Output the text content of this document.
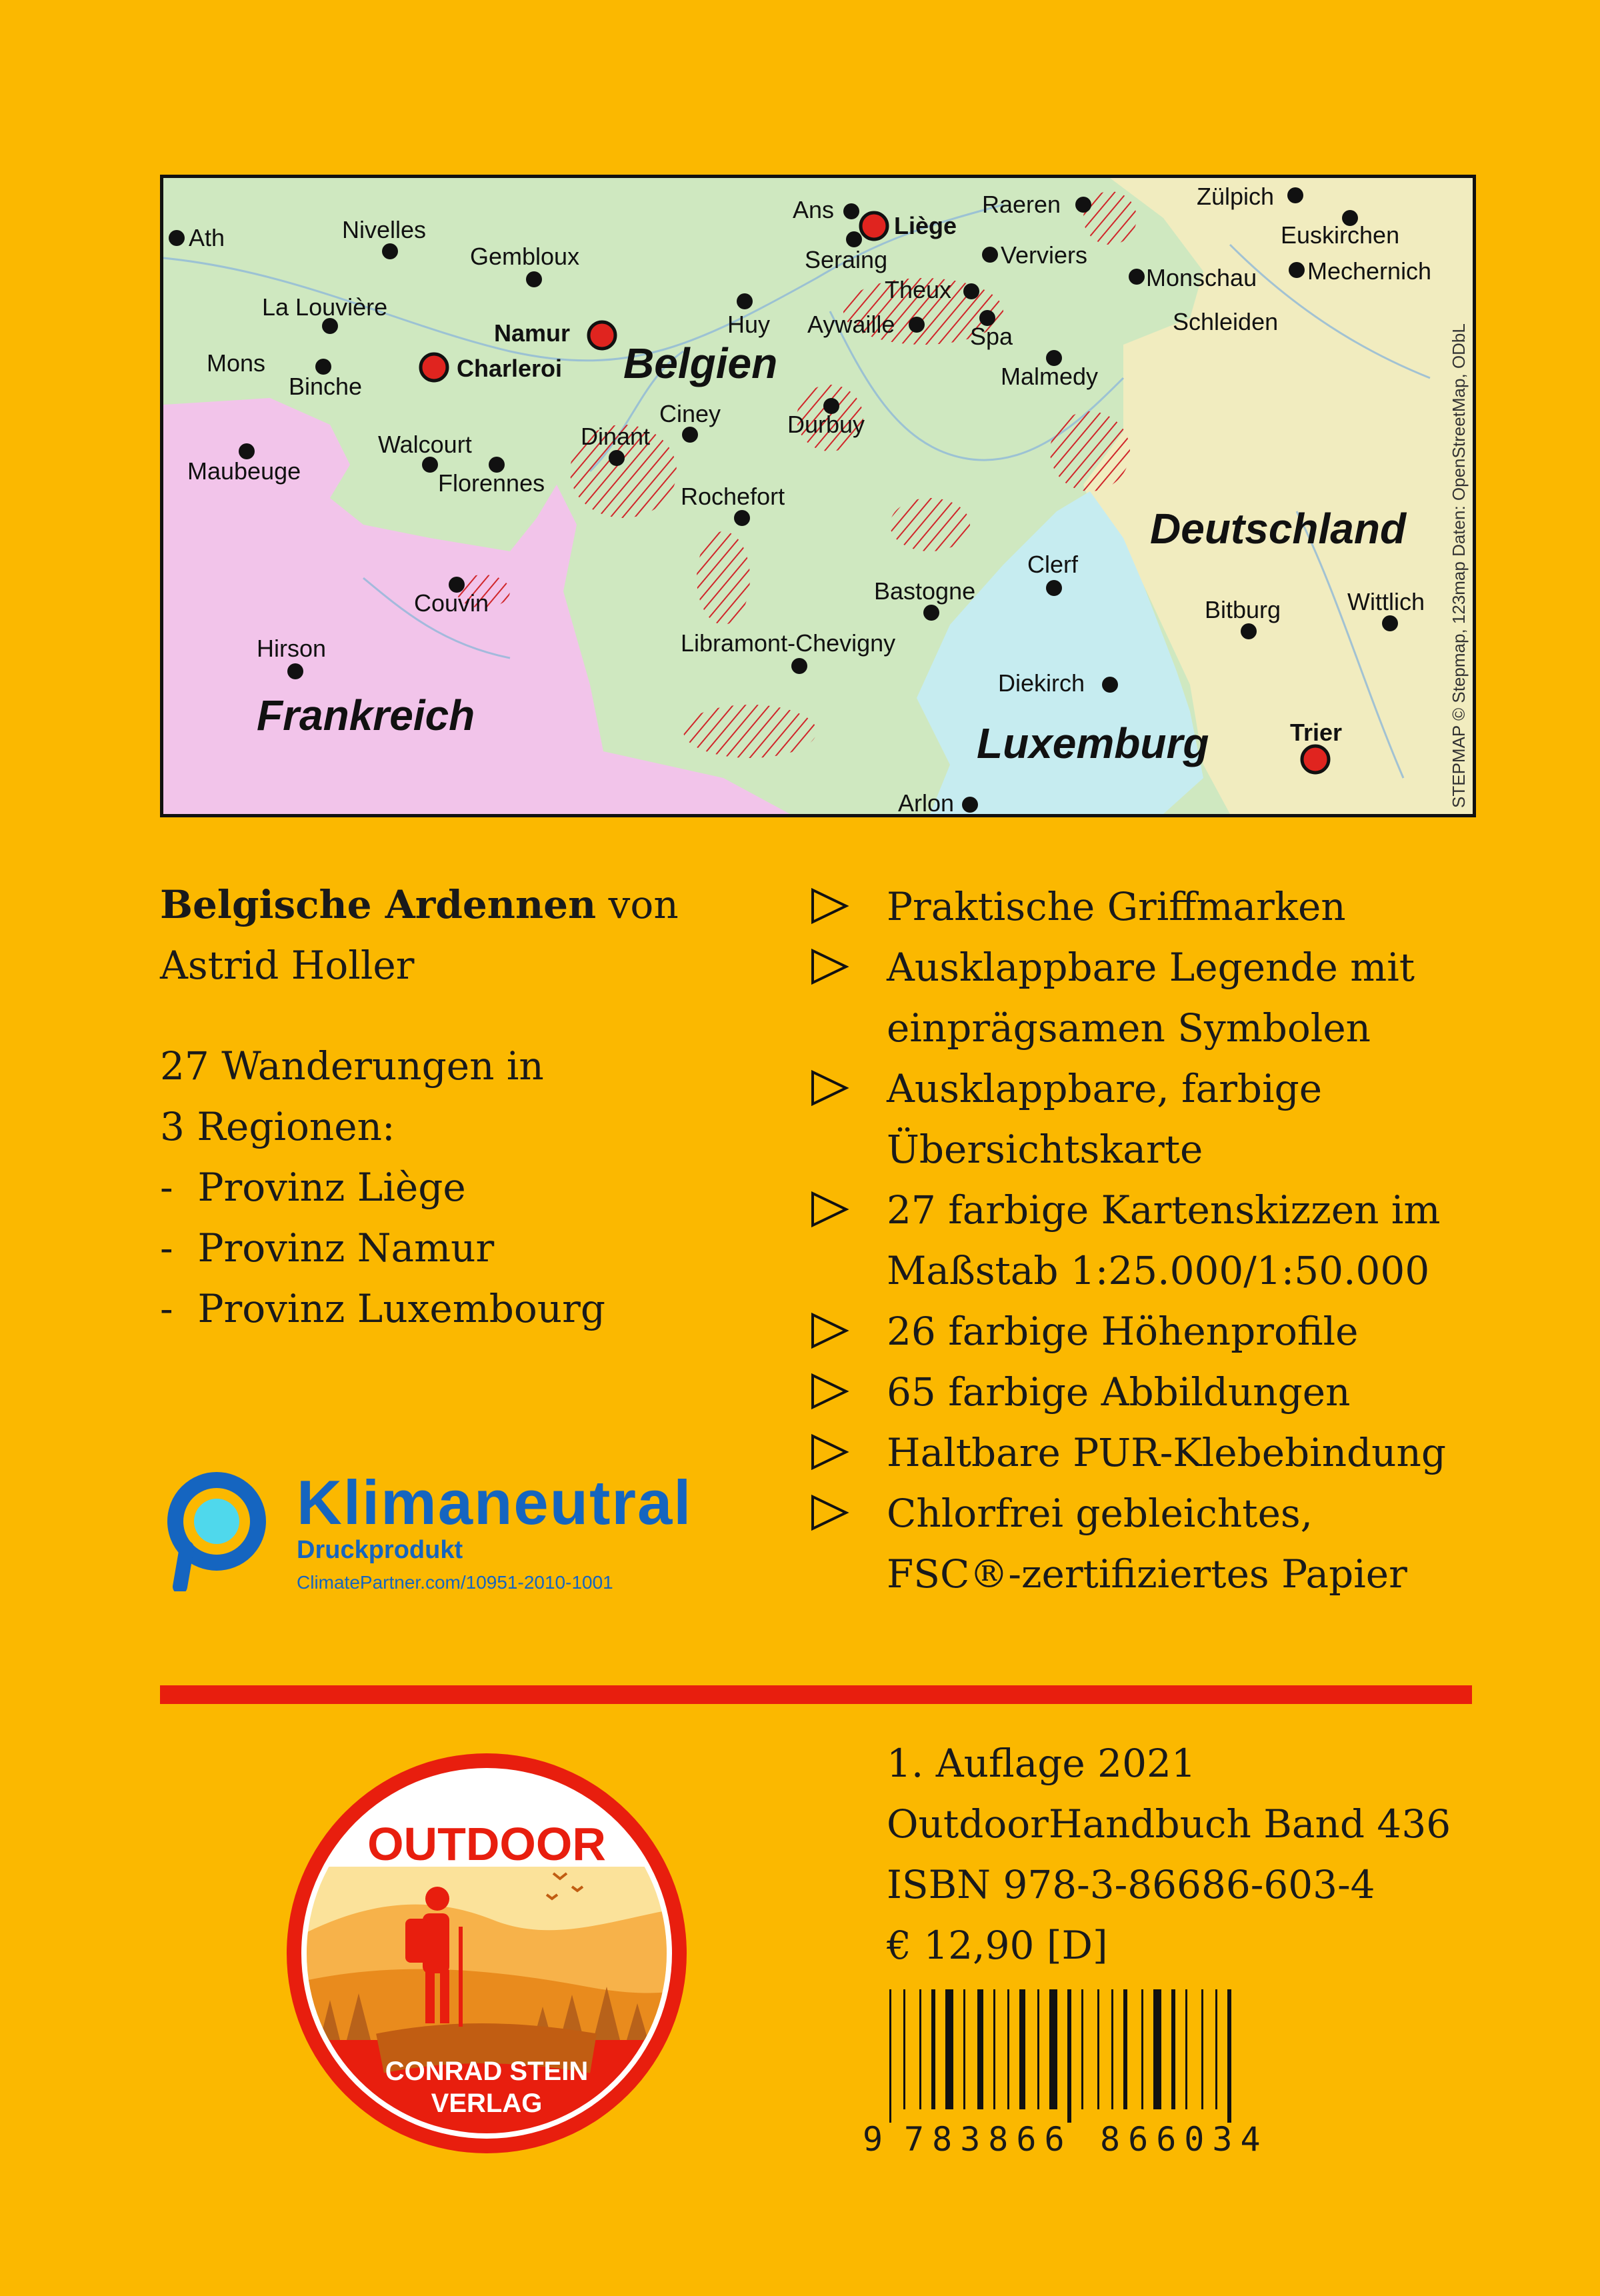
Belgien
Deutschland
Frankreich
Luxemburg
Ath	Nivelles
Gembloux
La Louvière
Mons
Binche
Charleroi
Namur
Ans
Liège
Seraing
Huy
Raeren
Verviers
Theux
Aywaille	Spa
Malmedy
Zülpich
Euskirchen
Mechernich
Monschau
Schleiden
Walcourt
Florennes
Maubeuge
Dinant
Ciney	Durbuy
Rochefort
Couvin
Hirson
Clerf
Bastogne
Libramont-Chevigny
Diekirch
Arlon
Bitburg	Wittlich
Trier	STEPMAP © Stepmap, 123map Daten: OpenStreetMap, ODbL
Belgische Ardennen von
Astrid Holler
27 Wanderungen in
3 Regionen:
-  Provinz Liège
-  Provinz Namur
-  Provinz Luxembourg
Praktische Griffmarken
Ausklappbare Legende mit
einprägsamen Symbolen
Ausklappbare, farbige
Übersichtskarte
27 farbige Kartenskizzen im
Maßstab 1:25.000/1:50.000
26 farbige Höhenprofile
65 farbige Abbildungen
Haltbare PUR-Klebebindung
Chlorfrei gebleichtes,
FSC®-zertifiziertes Papier
Klimaneutral
Druckprodukt
ClimatePartner.com/10951-2010-1001
OUTDOOR
CONRAD STEIN
VERLAG
1. Auflage 2021
OutdoorHandbuch Band 436
ISBN 978-3-86686-603-4
€ 12,90 [D]
9 783866 866034
